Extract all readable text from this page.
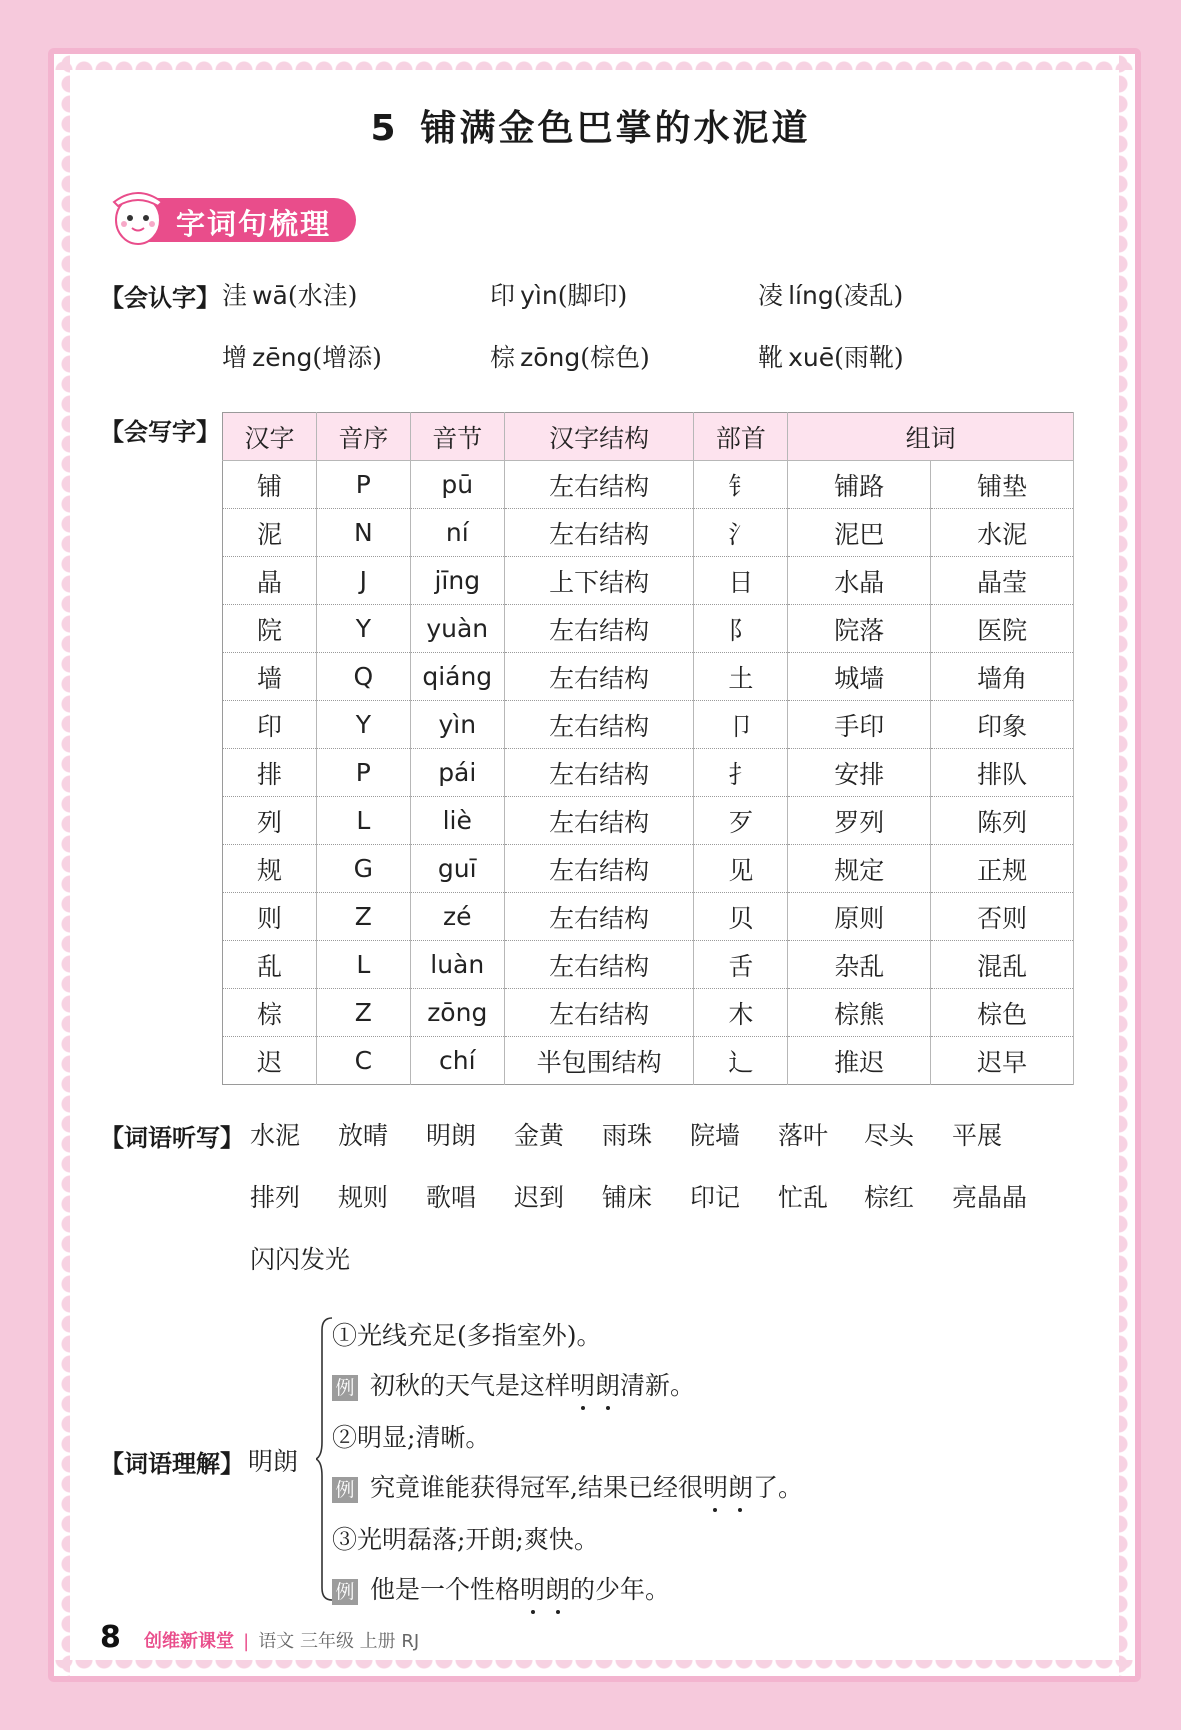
5 铺满金色巴掌的水泥道
字词句梳理
【会认字】 洼 wā(水洼)	印 yìn(脚印)	凌 líng(凌乱)
增 zēng(增添)	棕 zōng(棕色)	靴 xuē(雨靴)
【会写字】 汉字	音序	音节	汉字结构	部首	组词	
铺	P	pū	左右结构	钅	铺路	铺垫
泥	N	ní	左右结构	氵	泥巴	水泥
晶	J	jīng	上下结构	日	水晶	晶莹
院	Y	yuàn	左右结构	阝	院落	医院
墙	Q	qiáng	左右结构	土	城墙	墙角
印	Y	yìn	左右结构	卩	手印	印象
排	P	pái	左右结构	扌	安排	排队
列	L	liè	左右结构	歹	罗列	陈列
规	G	guī	左右结构	见	规定	正规
则	Z	zé	左右结构	贝	原则	否则
乱	L	luàn	左右结构	舌	杂乱	混乱
棕	Z	zōng	左右结构	木	棕熊	棕色
迟	C	chí	半包围结构	辶	推迟	迟早
【词语听写】 水泥 放晴 明朗 金黄 雨珠 院墙 落叶 尽头 平展
排列 规则 歌唱 迟到 铺床 印记 忙乱 棕红 亮晶晶
闪闪发光
【词语理解】 明朗
①光线充足(多指室外)。
例 初秋的天气是这样明朗清新。
②明显;清晰。
例 究竟谁能获得冠军,结果已经很明朗了。
③光明磊落;开朗;爽快。
例 他是一个性格明朗的少年。
8 创维新课堂 | 语文 三年级 上册 RJ
